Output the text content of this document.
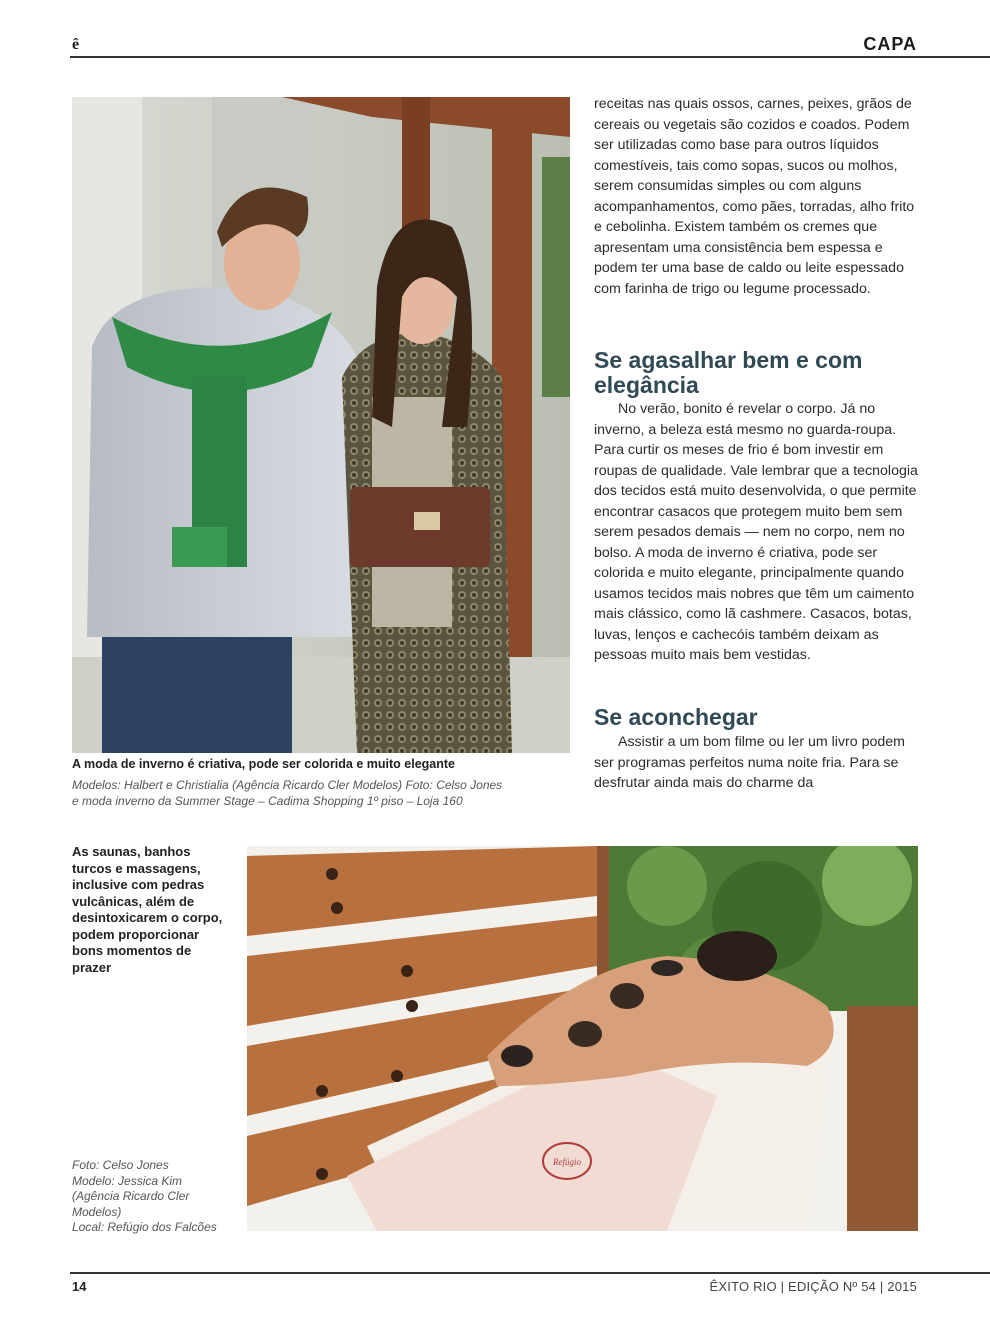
ê	CAPA
A moda de inverno é criativa, pode ser colorida e muito elegante
Modelos: Halbert e Christialia (Agência Ricardo Cler Modelos) Foto: Celso Jones
e moda inverno da Summer Stage – Cadima Shopping 1º piso – Loja 160
receitas nas quais ossos, carnes, peixes, grãos de cereais ou vegetais são cozidos e coados. Podem ser utilizadas como base para outros líquidos comestíveis, tais como sopas, sucos ou molhos, serem consumidas simples ou com alguns acompanhamentos, como pães, torradas, alho frito e cebolinha. Existem também os cremes que apresentam uma consistência bem espessa e podem ter uma base de caldo ou leite espessado com farinha de trigo ou legume processado.
Se agasalhar bem e com elegância
No verão, bonito é revelar o corpo. Já no inverno, a beleza está mesmo no guarda-roupa. Para curtir os meses de frio é bom investir em roupas de qualidade. Vale lembrar que a tecnologia dos tecidos está muito desenvolvida, o que permite encontrar casacos que protegem muito bem sem serem pesados demais — nem no corpo, nem no bolso. A moda de inverno é criativa, pode ser colorida e muito elegante, principalmente quando usamos tecidos mais nobres que têm um caimento mais clássico, como lã cashmere. Casacos, botas, luvas, lenços e cachecóis também deixam as pessoas muito mais bem vestidas.
Se aconchegar
Assistir a um bom filme ou ler um livro podem ser programas perfeitos numa noite fria. Para se desfrutar ainda mais do charme da
As saunas, banhos turcos e massagens, inclusive com pedras vulcânicas, além de desintoxicarem o corpo, podem proporcionar bons momentos de prazer
Foto: Celso Jones
Modelo: Jessica Kim
(Agência Ricardo Cler
Modelos)
Local: Refúgio dos Falcões
Refúgio
14	ÊXITO RIO | EDIÇÃO Nº 54 | 2015
